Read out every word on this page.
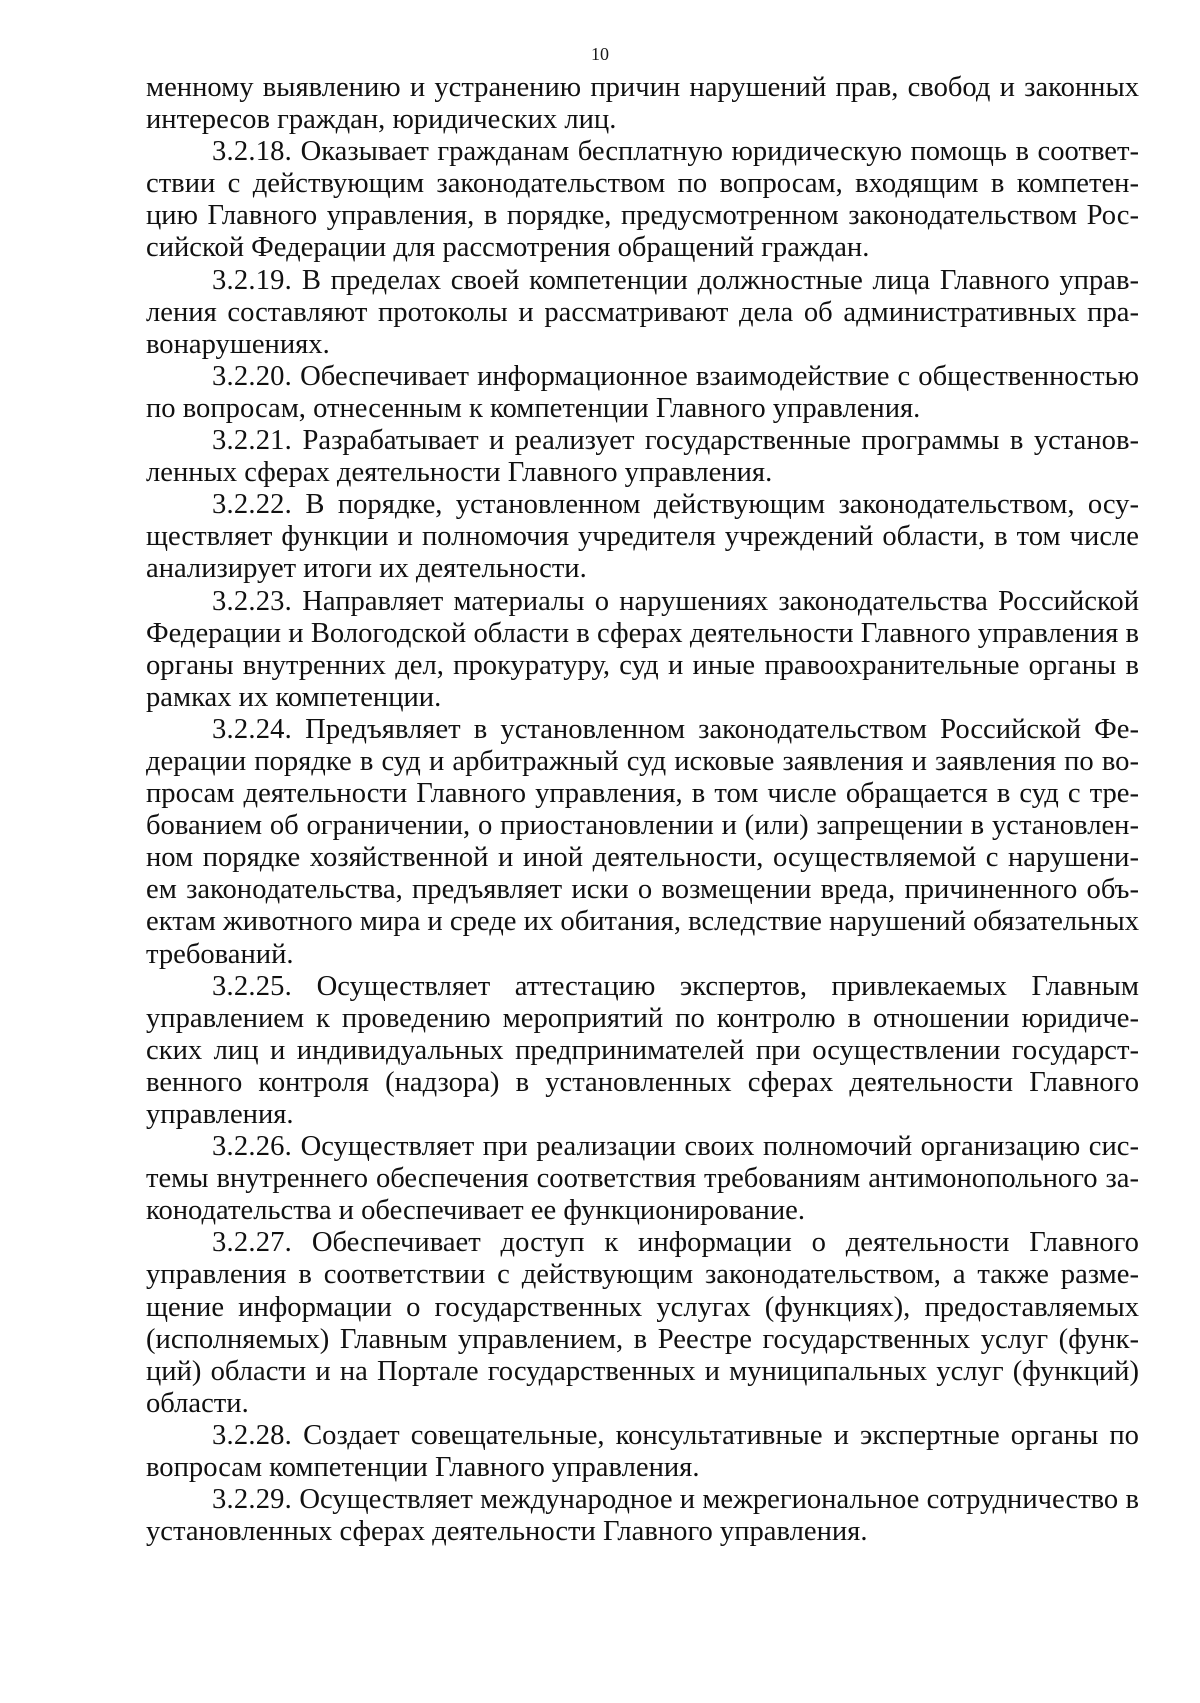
10

менному выявлению и устранению причин нарушений прав, свобод и законных интересов граждан, юридических лиц.

3.2.18. Оказывает гражданам бесплатную юридическую помощь в соответствии с действующим законодательством по вопросам, входящим в компетенцию Главного управления, в порядке, предусмотренном законодательством Российской Федерации для рассмотрения обращений граждан.

3.2.19. В пределах своей компетенции должностные лица Главного управления составляют протоколы и рассматривают дела об административных правонарушениях.

3.2.20. Обеспечивает информационное взаимодействие с общественностью по вопросам, отнесенным к компетенции Главного управления.

3.2.21. Разрабатывает и реализует государственные программы в установленных сферах деятельности Главного управления.

3.2.22. В порядке, установленном действующим законодательством, осуществляет функции и полномочия учредителя учреждений области, в том числе анализирует итоги их деятельности.

3.2.23. Направляет материалы о нарушениях законодательства Российской Федерации и Вологодской области в сферах деятельности Главного управления в органы внутренних дел, прокуратуру, суд и иные правоохранительные органы в рамках их компетенции.

3.2.24. Предъявляет в установленном законодательством Российской Федерации порядке в суд и арбитражный суд исковые заявления и заявления по вопросам деятельности Главного управления, в том числе обращается в суд с требованием об ограничении, о приостановлении и (или) запрещении в установленном порядке хозяйственной и иной деятельности, осуществляемой с нарушением законодательства, предъявляет иски о возмещении вреда, причиненного объектам животного мира и среде их обитания, вследствие нарушений обязательных требований.

3.2.25. Осуществляет аттестацию экспертов, привлекаемых Главным управлением к проведению мероприятий по контролю в отношении юридических лиц и индивидуальных предпринимателей при осуществлении государственного контроля (надзора) в установленных сферах деятельности Главного управления.

3.2.26. Осуществляет при реализации своих полномочий организацию системы внутреннего обеспечения соответствия требованиям антимонопольного законодательства и обеспечивает ее функционирование.

3.2.27. Обеспечивает доступ к информации о деятельности Главного управления в соответствии с действующим законодательством, а также размещение информации о государственных услугах (функциях), предоставляемых (исполняемых) Главным управлением, в Реестре государственных услуг (функций) области и на Портале государственных и муниципальных услуг (функций) области.

3.2.28. Создает совещательные, консультативные и экспертные органы по вопросам компетенции Главного управления.

3.2.29. Осуществляет международное и межрегиональное сотрудничество в установленных сферах деятельности Главного управления.
